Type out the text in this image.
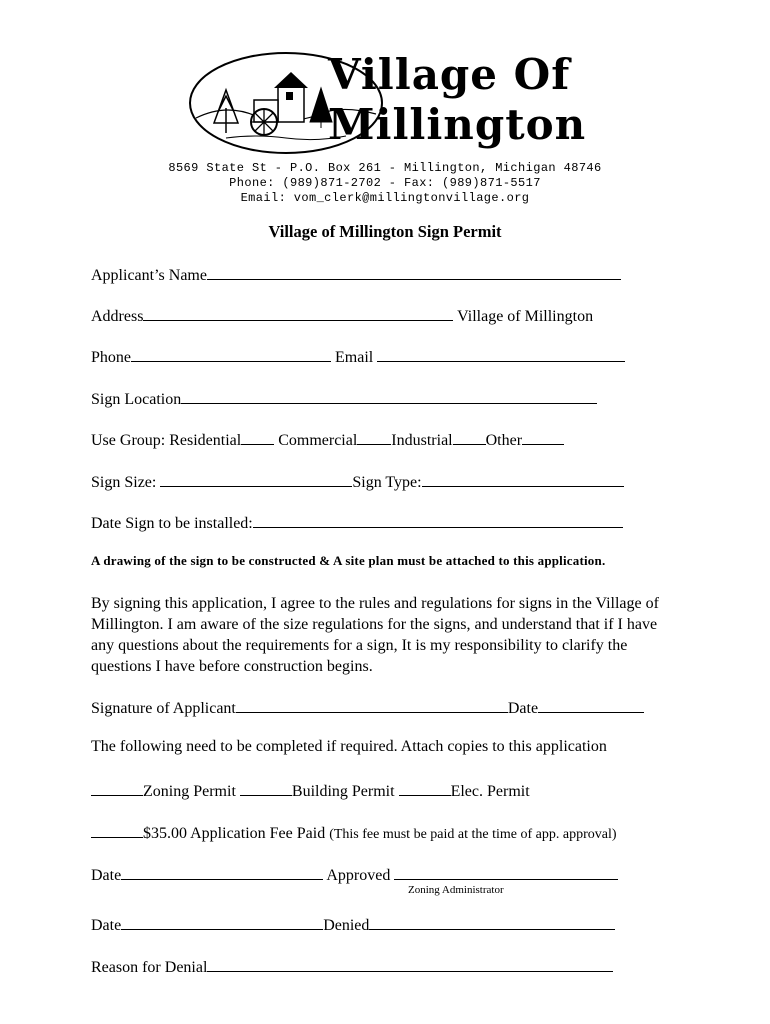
Village Of
Millington
8569 State St - P.O. Box 261 - Millington, Michigan 48746
Phone: (989)871-2702 - Fax: (989)871-5517
Email: vom_clerk@millingtonvillage.org
Village of Millington Sign Permit
Applicant’s Name
Address	Village of Millington
Phone	Email
Sign Location
Use Group: Residential Commercial Industrial Other
Sign Size:	Sign Type:
Date Sign to be installed:
A drawing of the sign to be constructed & A site plan must be attached to this application.
By signing this application, I agree to the rules and regulations for signs in the Village of Millington. I am aware of the size regulations for the signs, and understand that if I have any questions about the requirements for a sign, It is my responsibility to clarify the questions I have before construction begins.
Signature of Applicant	Date
The following need to be completed if required. Attach copies to this application
Zoning Permit	Building Permit	Elec. Permit
$35.00 Application Fee Paid (This fee must be paid at the time of app. approval)
Date	Approved
Zoning Administrator
Date	Denied
Reason for Denial
